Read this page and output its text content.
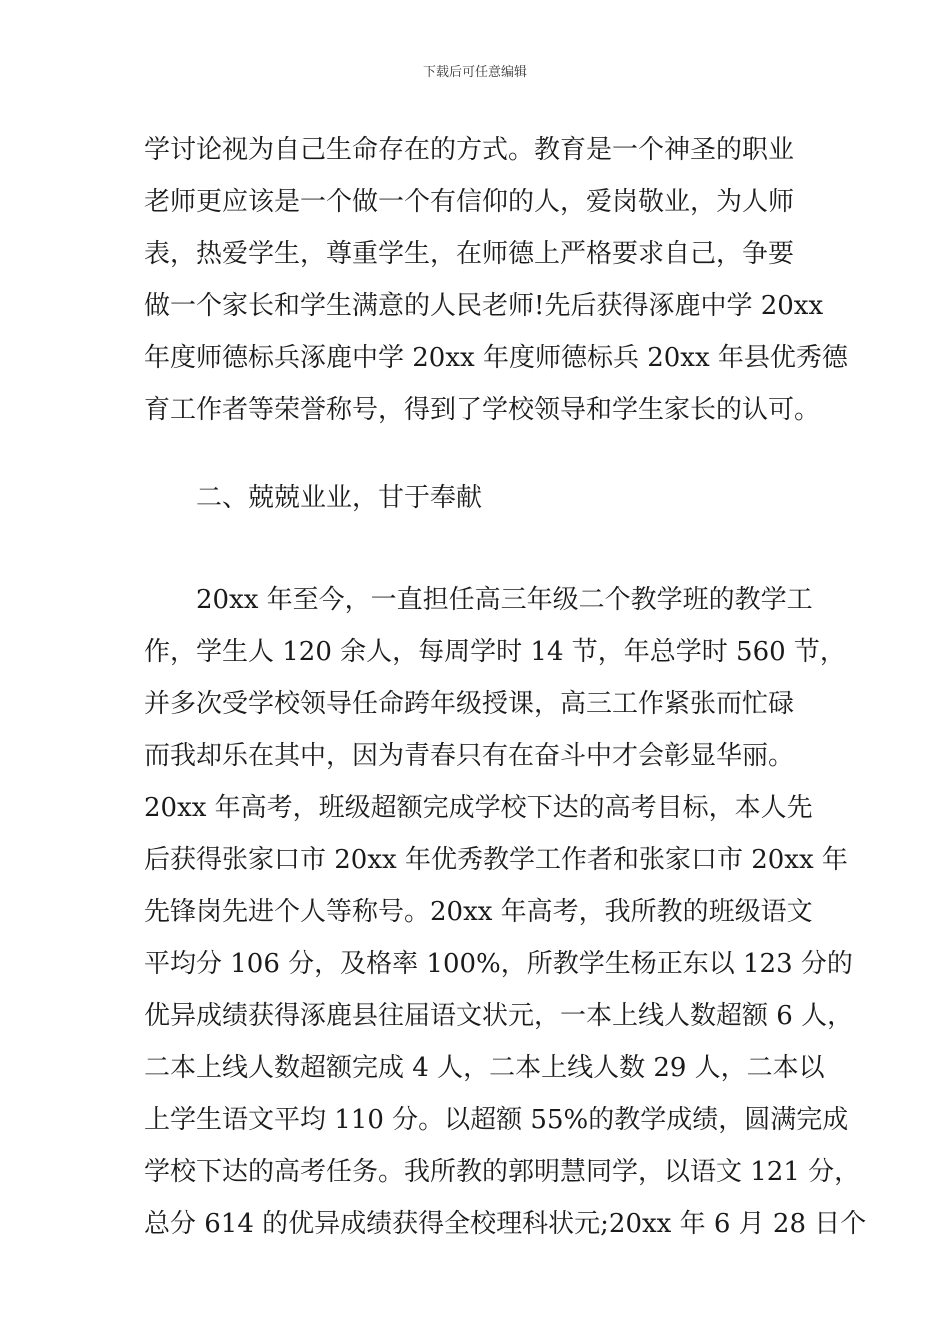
下载后可任意编辑
学讨论视为自己生命存在的方式。教育是一个神圣的职业
老师更应该是一个做一个有信仰的人，爱岗敬业，为人师
表，热爱学生，尊重学生，在师德上严格要求自己，争要
做一个家长和学生满意的人民老师!先后获得涿鹿中学 20xx
年度师德标兵涿鹿中学 20xx 年度师德标兵 20xx 年县优秀德
育工作者等荣誉称号，得到了学校领导和学生家长的认可。
二、兢兢业业，甘于奉献
20xx 年至今，一直担任高三年级二个教学班的教学工
作，学生人 120 余人，每周学时 14 节，年总学时 560 节，
并多次受学校领导任命跨年级授课，高三工作紧张而忙碌
而我却乐在其中，因为青春只有在奋斗中才会彰显华丽。
20xx 年高考，班级超额完成学校下达的高考目标，本人先
后获得张家口市 20xx 年优秀教学工作者和张家口市 20xx 年
先锋岗先进个人等称号。20xx 年高考，我所教的班级语文
平均分 106 分，及格率 100%，所教学生杨正东以 123 分的
优异成绩获得涿鹿县往届语文状元，一本上线人数超额 6 人，
二本上线人数超额完成 4 人，二本上线人数 29 人，二本以
上学生语文平均 110 分。以超额 55%的教学成绩，圆满完成
学校下达的高考任务。我所教的郭明慧同学，以语文 121 分，
总分 614 的优异成绩获得全校理科状元;20xx 年 6 月 28 日个
